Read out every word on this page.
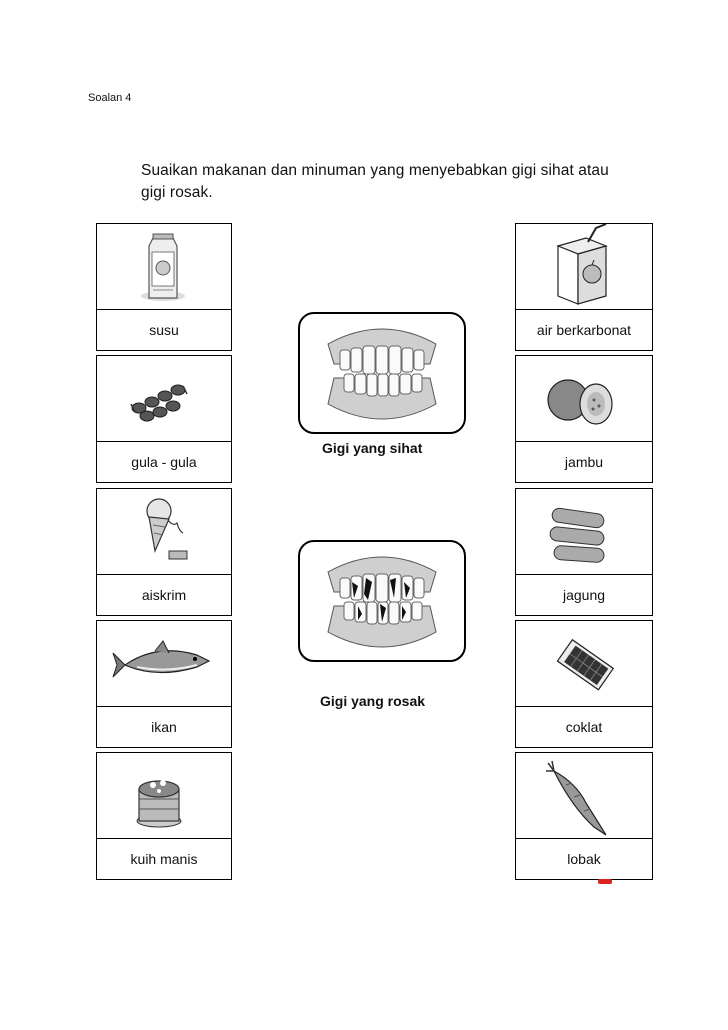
Soalan 4
Suaikan makanan dan minuman yang menyebabkan gigi sihat atau gigi rosak.
susu
gula - gula
aiskrim
ikan
kuih manis
air berkarbonat
jambu
jagung
coklat
lobak
Gigi yang sihat
Gigi yang rosak
